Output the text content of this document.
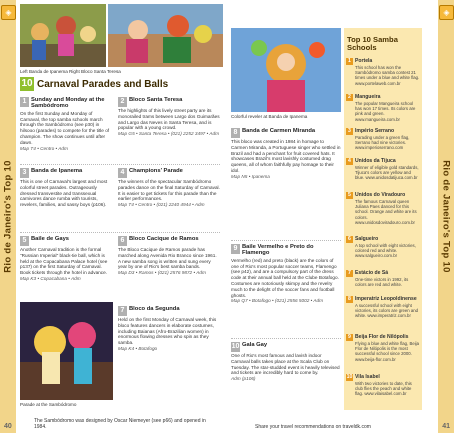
◈
Rio de Janeiro's Top 10
Left Banda de Ipanema Right Bloco Santa Teresa
10 Carnaval Parades and Balls
1 Sunday and Monday at the Sambódromo
On the first Sunday and Monday of Carnaval, the top samba schools march through the Sambódromo (see p30) in hilsooo (parades) to compete for the title of champion. The show continues until after dawn.
Map T4 • Centro • Adm
2 Bloco Santa Teresa
The highlights of this lively street party are its monorailed trams between Largo dos Guimarães and Largo das Neves in Santa Teresa, and is popular with a young crowd.
Map G5 • Santa Teresa • (021) 2252 3497 • Adm
3 Banda de Ipanema
This is one of Carnaval's largest and most colorful street parades. Outrageously dressed transvestite and transsexual carnivores dance rumba with tourists, revelers, families, and sassy boys (p106).
4 Champions' Parade
The winners of the spectacular Sambódromo parades dance on the final Saturday of Carnaval. It is easier to get tickets for this parade than the earlier performances.
Map T4 • Centro • (021) 2240 4944 • Adm
5 Baile de Gays
Another Carnaval tradition is the formal "Russian Imperial" black-tie ball, which is held at the Copacabana Palace hotel (see p137) on the first Saturday of Carnaval. Book tickets through the hotel in advance.
Map K3 • Copacabana • Adm
6 Bloco Cacique de Ramos
The Bloco Cacique de Ramos parade has marched along Avenida Rio Branco since 1961. A new samba song is written and sung every year by one of Rio's best samba bands.
Map D3 • Ramos • (021) 2576 9872 • Adm
Parade at the Sambódromo
7 Bloco da Segunda
Held on the first Monday of Carnaval week, this bloco features dancers in elaborate costumes, including Baianas (Afro-Brazilian women) in enormous flowing dresses who spin as they samba.
Map K4 • Botafogo
40
The Sambódromo was designed by Oscar Niemeyer (see p66) and opened in 1984.
◈
Rio de Janeiro's Top 10
Colorful reveler at Banda de Ipanema
8 Banda de Carmen Miranda
This bloco was created in 1984 in homage to Carmen Miranda, a Portuguese singer who settled in Brazil and had a penchant for fruit covered hats. It showcases Brazil's most lavishly costumed drag queens, all of whom faithfully pay homage to their idol.
Map N5 • Ipanema
9 Baile Vermelho e Preto do Flamengo
Vermelho (red) and preto (black) are the colors of one of Rio's most popular soccer teams, Flamengo (see p42), and are a compulsory part of the dress code at their annual ball held at the Clube Botafogo. Costumes are notoriously skimpy and the revelry much to the delight of the soccer fans and football ghosts.
Map Q7 • Botafogo • (021) 2556 5002 • Adm
10 Gala Gay
One of Rio's most famous and lavish indoor Carnaval balls takes place at the Scala Club on Tuesday. The star-studded event is heavily televised and tickets are incredibly hard to come by.
Adm (p106)
Top 10 Samba Schools
1 Portela
This school has won the Sambódromo samba contest 21 times under a blue and white flag. www.portelaweb.com.br
2 Mangueira
The popular Mangueira school has won 17 times. Its colors are pink and green. www.mangueira.com.br
3 Império Serrano
Parading under a green flag, Serrano had nine victories. www.imperioserrano.com
4 Unidos da Tijuca
Winner of eligible gold standards, Tijuca's colors are yellow and blue. www.unidosdatijuca.com.br
5 Unidos do Viradouro
The famous Carnaval queen Juliana Paes danced for this school. Orange and white are its colors. www.unidosdoviradouro.com.br
6 Salgueiro
A top school with eight victories, colored red and white. www.salgueiro.com.br
7 Estácio de Sá
One-time victors in 1992, its colors are red and white.
8 Imperatriz Leopoldinense
A successful school with eight victories, its colors are green and white. www.imperatriz.com.br
9 Beija Flor de Nilópolis
Flying a blue and white flag, Beija Flor de Nilópolis is the most successful school since 2000. www.beija-flor.com.br
10 Vila Isabel
With two victories to date, this club flies the peach and white flag. www.vilaisabel.com.br
Share your travel recommendations on traveldk.com	41
